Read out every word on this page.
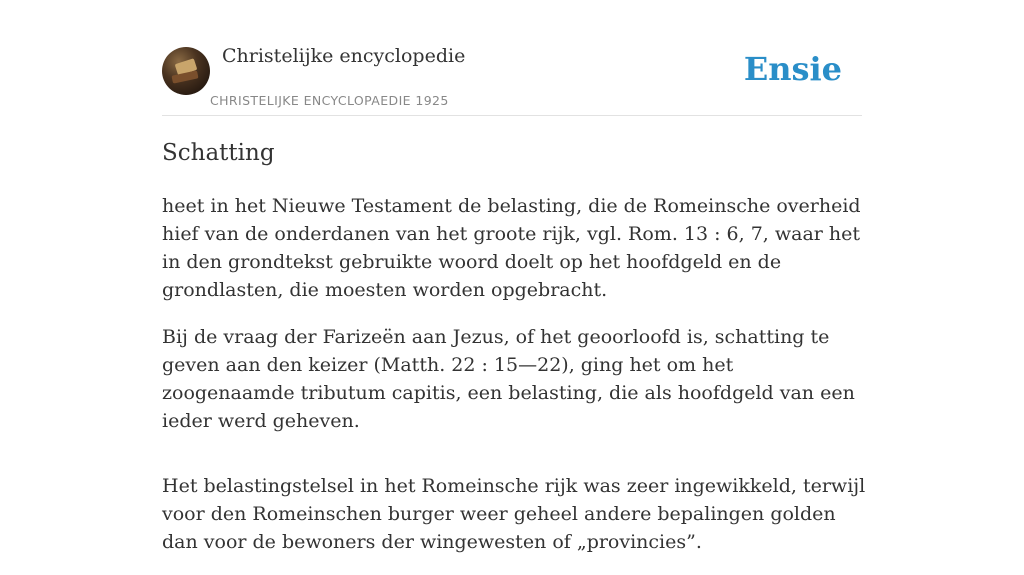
Christelijke encyclopedie
CHRISTELIJKE ENCYCLOPAEDIE 1925
Ensie
Schatting

heet in het Nieuwe Testament de belasting, die de Romeinsche overheid hief van de onderdanen van het groote rijk, vgl. Rom. 13 : 6, 7, waar het in den grondtekst gebruikte woord doelt op het hoofdgeld en de grondlasten, die moesten worden opgebracht.

Bij de vraag der Farizeën aan Jezus, of het geoorloofd is, schatting te geven aan den keizer (Matth. 22 : 15—22), ging het om het zoogenaamde tributum capitis, een belasting, die als hoofdgeld van een ieder werd geheven.

Het belastingstelsel in het Romeinsche rijk was zeer ingewikkeld, terwijl voor den Romeinschen burger weer geheel andere bepalingen golden dan voor de bewoners der wingewesten of „provincies”.
